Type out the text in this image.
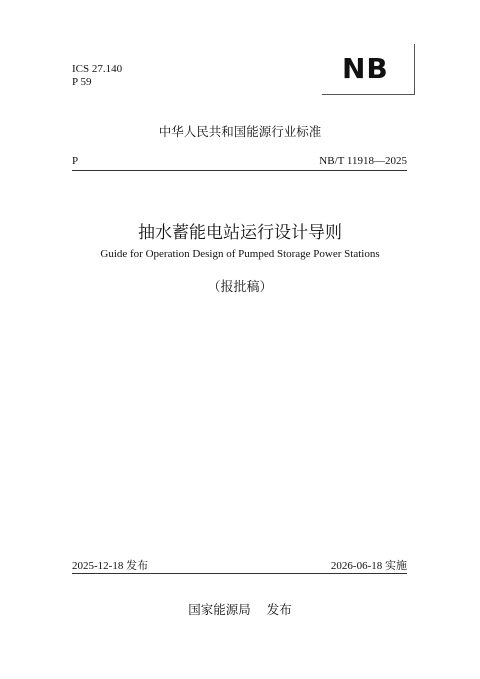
ICS 27.140
P 59	NB
中华人民共和国能源行业标准
P	NB/T 11918—2025
抽水蓄能电站运行设计导则
Guide for Operation Design of Pumped Storage Power Stations
（报批稿）
2025-12-18 发布	2026-06-18 实施
国家能源局 发布
